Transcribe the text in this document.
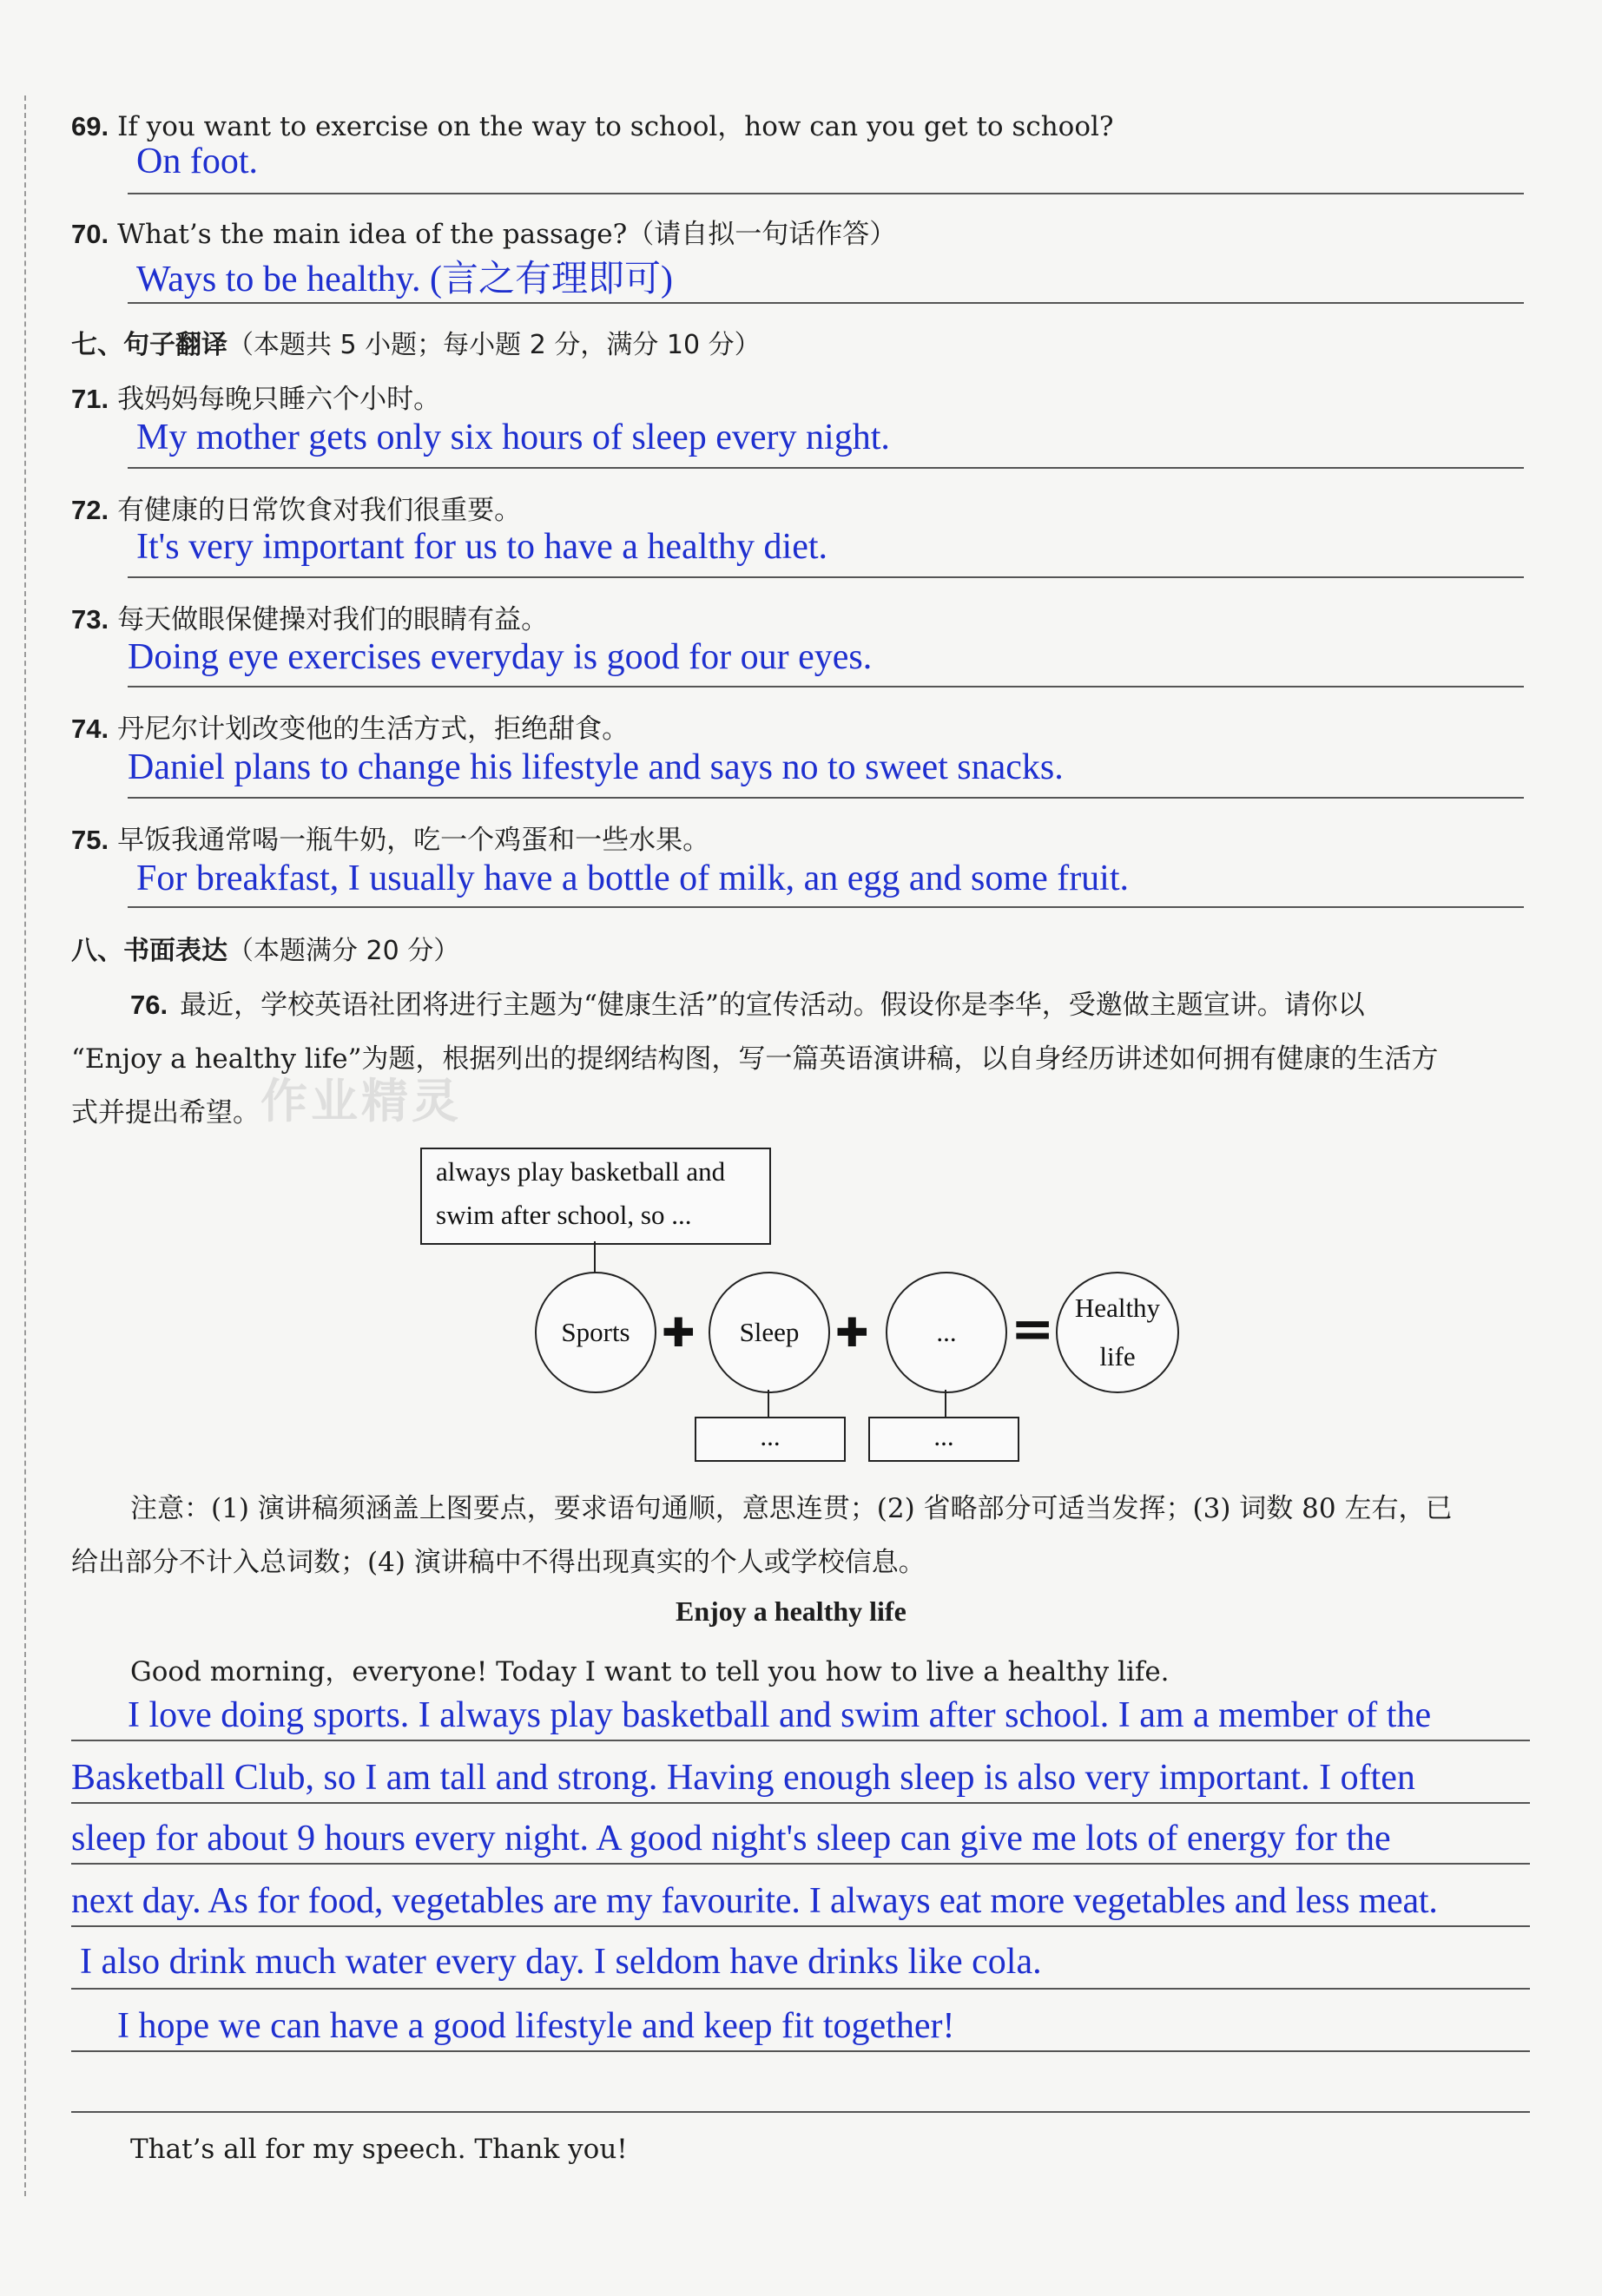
69. If you want to exercise on the way to school，how can you get to school?
On foot.
70. What’s the main idea of the passage?（请自拟一句话作答）
Ways to be healthy. (言之有理即可)
七、句子翻译（本题共 5 小题；每小题 2 分，满分 10 分）
71. 我妈妈每晚只睡六个小时。
My mother gets only six hours of sleep every night.
72. 有健康的日常饮食对我们很重要。
It's very important for us to have a healthy diet.
73. 每天做眼保健操对我们的眼睛有益。
Doing eye exercises everyday is good for our eyes.
74. 丹尼尔计划改变他的生活方式，拒绝甜食。
Daniel plans to change his lifestyle and says no to sweet snacks.
75. 早饭我通常喝一瓶牛奶，吃一个鸡蛋和一些水果。
For breakfast, I usually have a bottle of milk, an egg and some fruit.
八、书面表达（本题满分 20 分）
76. 最近，学校英语社团将进行主题为“健康生活”的宣传活动。假设你是李华，受邀做主题宣讲。请你以
“Enjoy a healthy life”为题，根据列出的提纲结构图，写一篇英语演讲稿，以自身经历讲述如何拥有健康的生活方
式并提出希望。 作业精灵
always play basketball and
swim after school, so ...
Sports ✚	Sleep ✚	...	= Healthy
life
...	...
注意：(1) 演讲稿须涵盖上图要点，要求语句通顺，意思连贯；(2) 省略部分可适当发挥；(3) 词数 80 左右，已
给出部分不计入总词数；(4) 演讲稿中不得出现真实的个人或学校信息。
Enjoy a healthy life
Good morning，everyone! Today I want to tell you how to live a healthy life.
I love doing sports. I always play basketball and swim after school. I am a member of the
Basketball Club, so I am tall and strong. Having enough sleep is also very important. I often
sleep for about 9 hours every night. A good night's sleep can give me lots of energy for the
next day. As for food, vegetables are my favourite. I always eat more vegetables and less meat.
I also drink much water every day. I seldom have drinks like cola.
I hope we can have a good lifestyle and keep fit together!
That’s all for my speech. Thank you!
